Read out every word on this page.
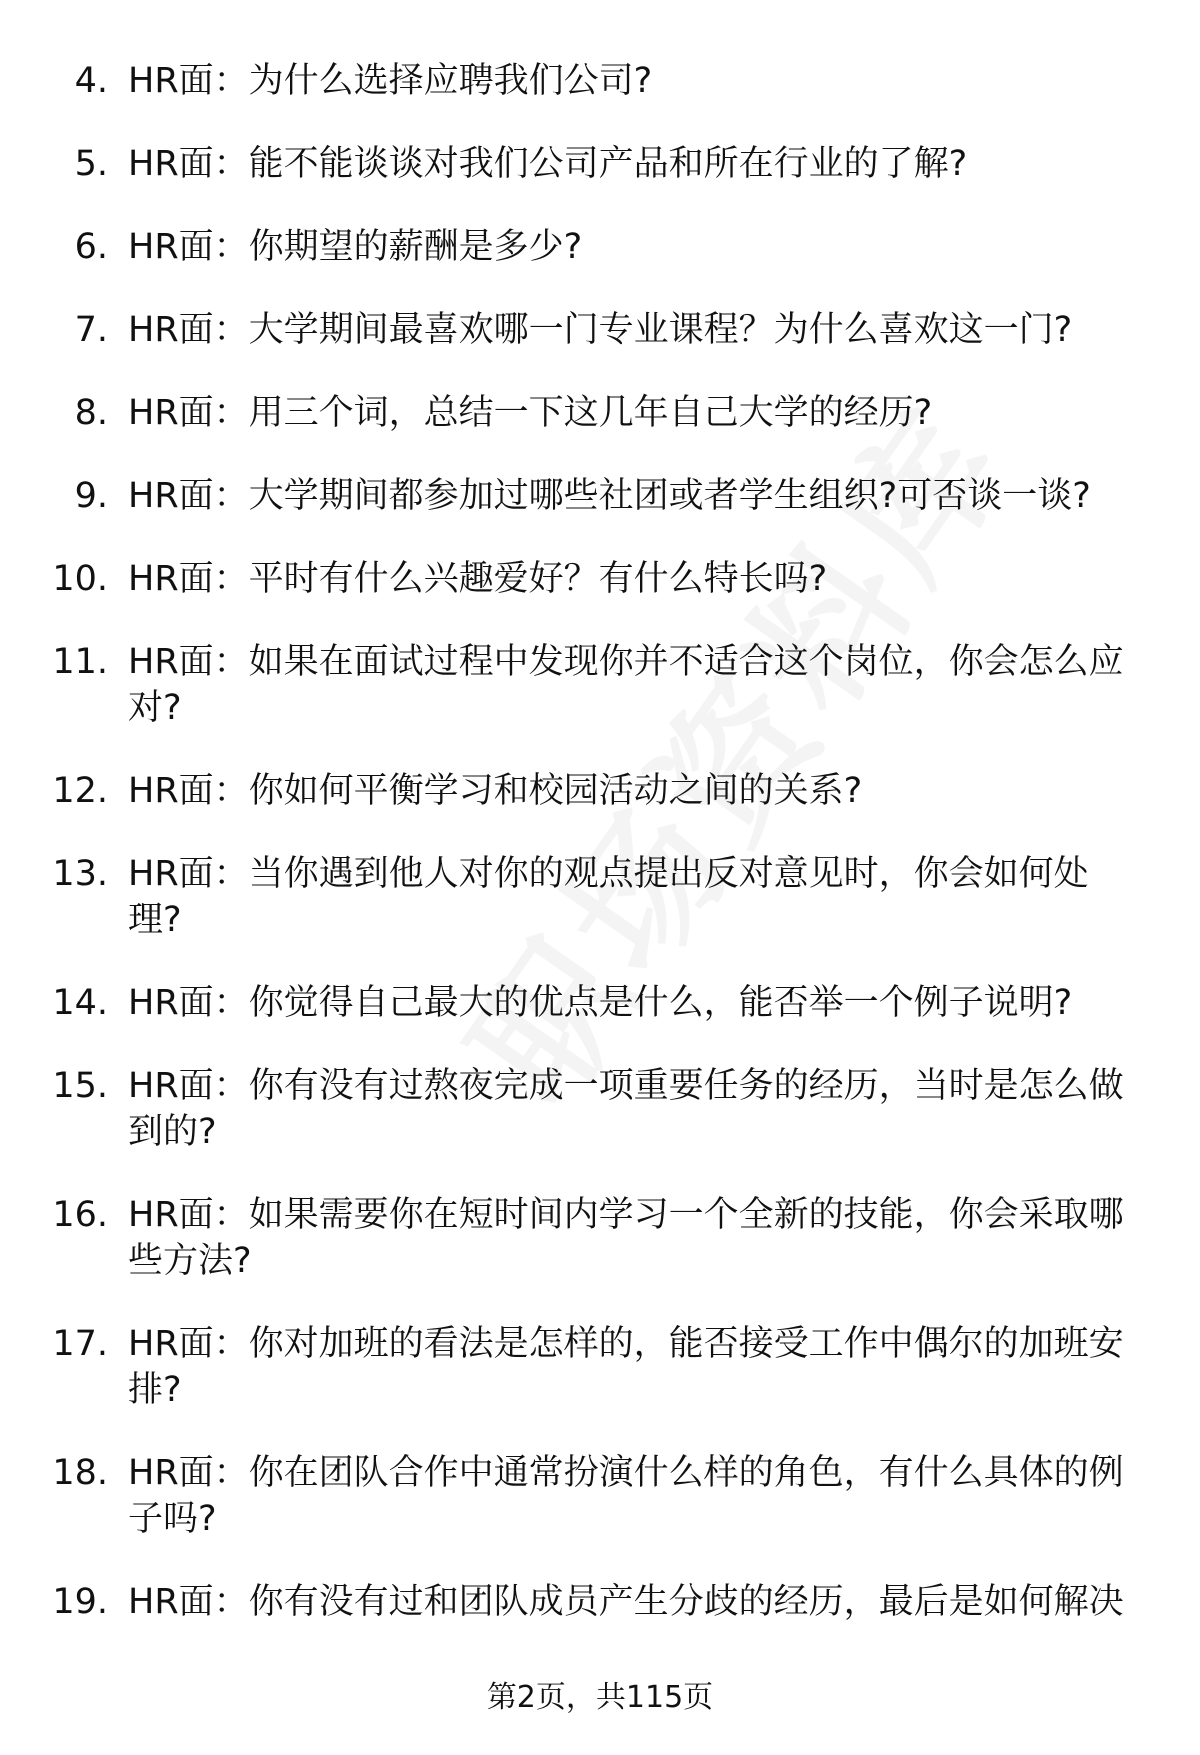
4. HR面：为什么选择应聘我们公司?
5. HR面：能不能谈谈对我们公司产品和所在行业的了解?
6. HR面：你期望的薪酬是多少?
7. HR面：大学期间最喜欢哪一门专业课程？为什么喜欢这一门?
8. HR面：用三个词，总结一下这几年自己大学的经历?
9. HR面：大学期间都参加过哪些社团或者学生组织?可否谈一谈?
10. HR面：平时有什么兴趣爱好？有什么特长吗?
11. HR面：如果在面试过程中发现你并不适合这个岗位，你会怎么应对?
12. HR面：你如何平衡学习和校园活动之间的关系?
13. HR面：当你遇到他人对你的观点提出反对意见时，你会如何处理?
14. HR面：你觉得自己最大的优点是什么，能否举一个例子说明?
15. HR面：你有没有过熬夜完成一项重要任务的经历，当时是怎么做到的?
16. HR面：如果需要你在短时间内学习一个全新的技能，你会采取哪些方法?
17. HR面：你对加班的看法是怎样的，能否接受工作中偶尔的加班安排?
18. HR面：你在团队合作中通常扮演什么样的角色，有什么具体的例子吗?
19. HR面：你有没有过和团队成员产生分歧的经历，最后是如何解决
第2页，共115页
